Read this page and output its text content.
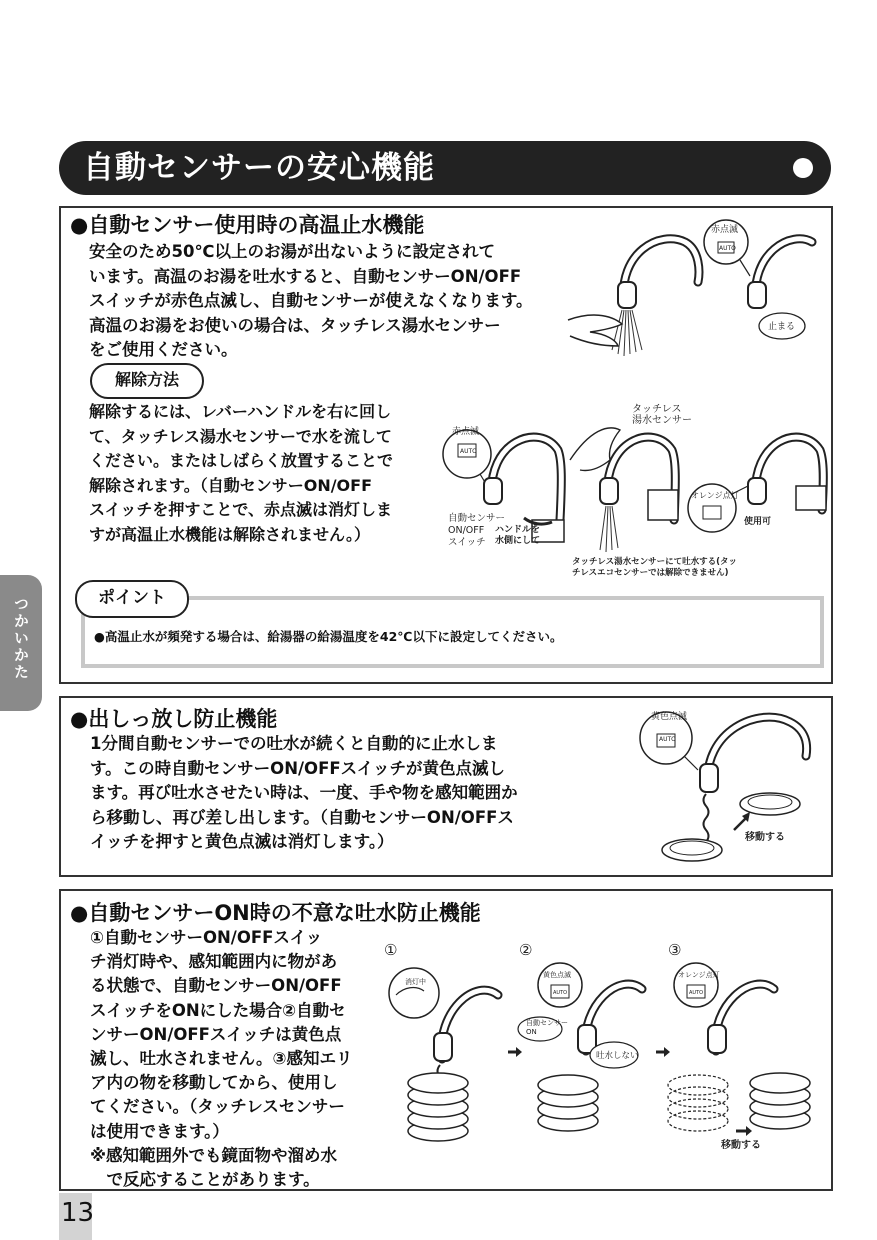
自動センサーの安心機能
●自動センサー使用時の高温止水機能
安全のため50℃以上のお湯が出ないように設定されて
います。高温のお湯を吐水すると、自動センサーON/OFF
スイッチが赤色点滅し、自動センサーが使えなくなります。
高温のお湯をお使いの場合は、タッチレス湯水センサー
をご使用ください。
解除方法
解除するには、レバーハンドルを右に回し
て、タッチレス湯水センサーで水を流して
ください。またはしばらく放置することで
解除されます。（自動センサーON/OFF
スイッチを押すことで、赤点滅は消灯しま
すが高温止水機能は解除されません。）
赤点滅
AUTO
止まる
赤点滅
AUTO
自動センサー
ON/OFF
スイッチ
ハンドルを
水側にして
タッチレス
湯水センサー
オレンジ点灯
使用可
タッチレス湯水センサーにて吐水する(タッ
チレスエコセンサーでは解除できません)
ポイント
●高温止水が頻発する場合は、給湯器の給湯温度を42℃以下に設定してください。
つかいかた
●出しっ放し防止機能
1分間自動センサーでの吐水が続くと自動的に止水しま
す。この時自動センサーON/OFFスイッチが黄色点滅し
ます。再び吐水させたい時は、一度、手や物を感知範囲か
ら移動し、再び差し出します。（自動センサーON/OFFス
イッチを押すと黄色点滅は消灯します。）
黄色点滅
AUTO
移動する
●自動センサーON時の不意な吐水防止機能
①自動センサーON/OFFスイッ
チ消灯時や、感知範囲内に物があ
る状態で、自動センサーON/OFF
スイッチをONにした場合②自動セ
ンサーON/OFFスイッチは黄色点
滅し、吐水されません。③感知エリ
ア内の物を移動してから、使用し
てください。（タッチレスセンサー
は使用できます。）
※感知範囲外でも鏡面物や溜め水
　で反応することがあります。
①	②	③
消灯中
黄色点滅
AUTO
オレンジ点灯
AUTO
自動センサー
ON
吐水しない
移動する
13
